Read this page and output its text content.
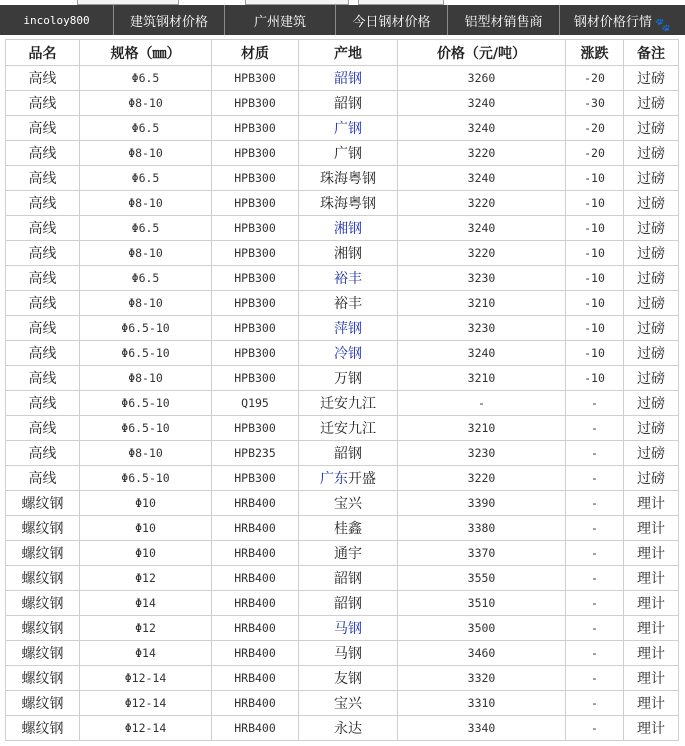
incoloy800	建筑钢材价格	广州建筑	今日钢材价格	铝型材销售商	钢材价格行情 🐾
品名	规格（㎜）	材质	产地	价格（元/吨）	涨跌	备注
高线	Φ6.5	HPB300	韶钢	3260	-20	过磅
高线	Φ8-10	HPB300	韶钢	3240	-30	过磅
高线	Φ6.5	HPB300	广钢	3240	-20	过磅
高线	Φ8-10	HPB300	广钢	3220	-20	过磅
高线	Φ6.5	HPB300	珠海粤钢	3240	-10	过磅
高线	Φ8-10	HPB300	珠海粤钢	3220	-10	过磅
高线	Φ6.5	HPB300	湘钢	3240	-10	过磅
高线	Φ8-10	HPB300	湘钢	3220	-10	过磅
高线	Φ6.5	HPB300	裕丰	3230	-10	过磅
高线	Φ8-10	HPB300	裕丰	3210	-10	过磅
高线	Φ6.5-10	HPB300	萍钢	3230	-10	过磅
高线	Φ6.5-10	HPB300	冷钢	3240	-10	过磅
高线	Φ8-10	HPB300	万钢	3210	-10	过磅
高线	Φ6.5-10	Q195	迁安九江	-	-	过磅
高线	Φ6.5-10	HPB300	迁安九江	3210	-	过磅
高线	Φ8-10	HPB235	韶钢	3230	-	过磅
高线	Φ6.5-10	HPB300	广东开盛	3220	-	过磅
螺纹钢	Φ10	HRB400	宝兴	3390	-	理计
螺纹钢	Φ10	HRB400	桂鑫	3380	-	理计
螺纹钢	Φ10	HRB400	通宇	3370	-	理计
螺纹钢	Φ12	HRB400	韶钢	3550	-	理计
螺纹钢	Φ14	HRB400	韶钢	3510	-	理计
螺纹钢	Φ12	HRB400	马钢	3500	-	理计
螺纹钢	Φ14	HRB400	马钢	3460	-	理计
螺纹钢	Φ12-14	HRB400	友钢	3320	-	理计
螺纹钢	Φ12-14	HRB400	宝兴	3310	-	理计
螺纹钢	Φ12-14	HRB400	永达	3340	-	理计
